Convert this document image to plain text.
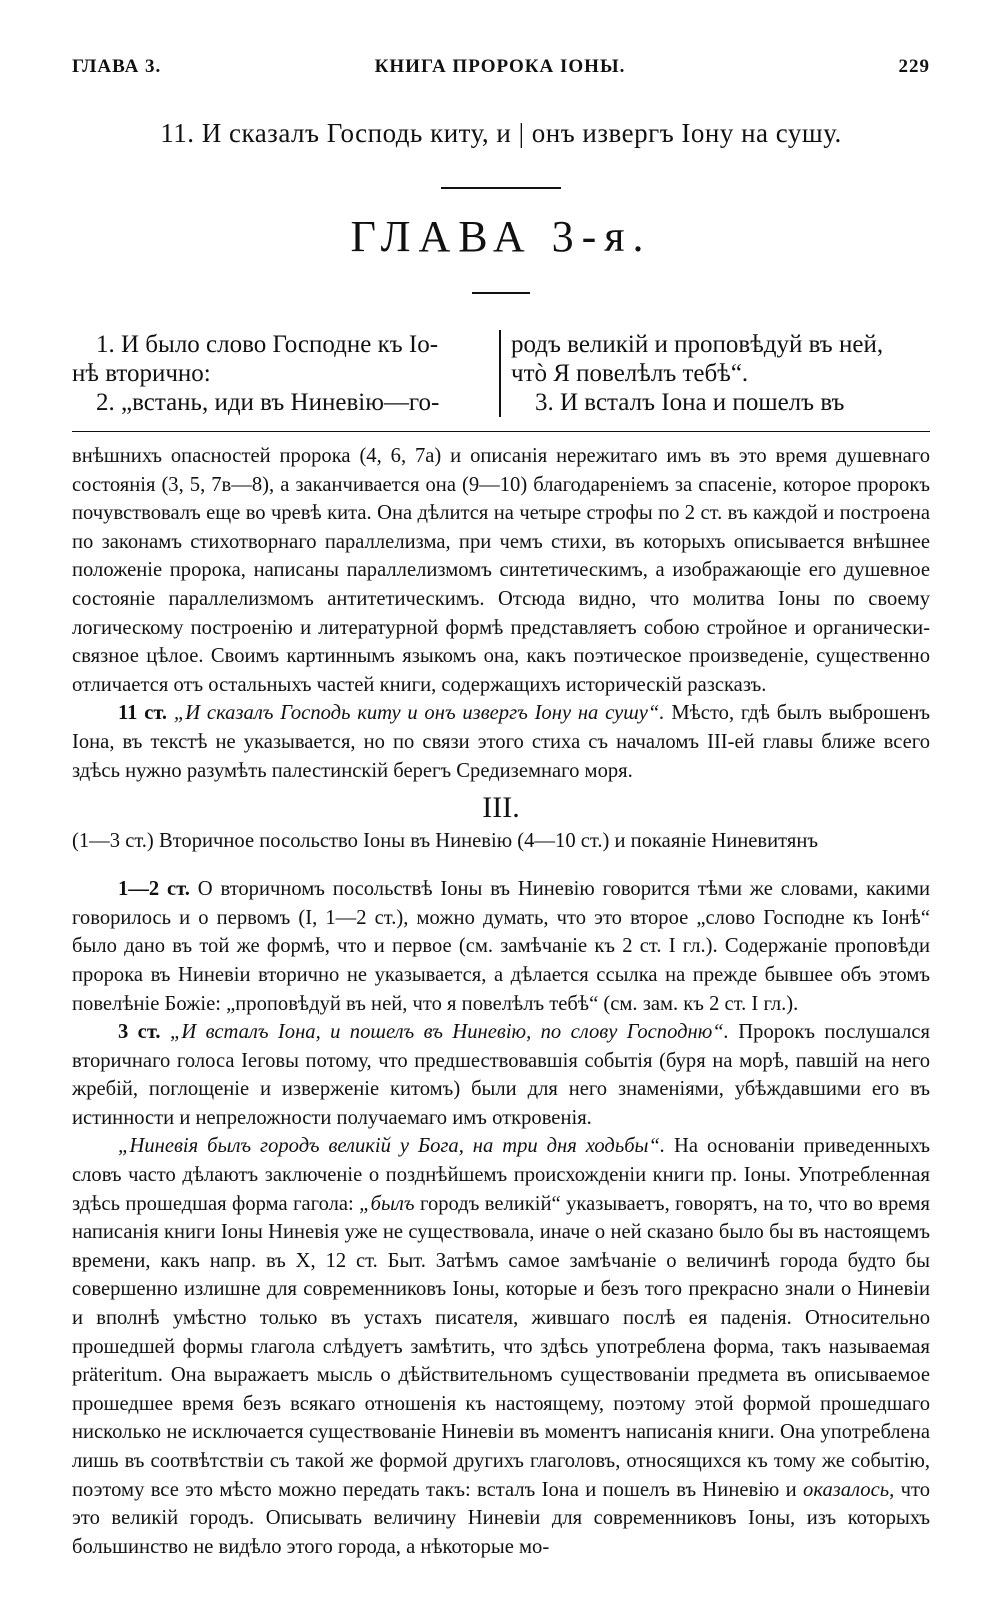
ГЛАВА 3.	КНИГА ПРОРОКА ІОНЫ.	229
11. И сказалъ Господь киту, и | онъ извергъ Іону на сушу.
ГЛАВА 3-я.
1. И было слово Господне къ Іо-
нѣ вторично:
2. „встань, иди въ Ниневію—го-
родъ великій и проповѣдуй въ ней,
чтò Я повелѣлъ тебѣ“.
3. И всталъ Іона и пошелъ въ

внѣшнихъ опасностей пророка (4, 6, 7а) и описанія нережитаго имъ въ это время душевнаго состоянія (3, 5, 7в—8), а заканчивается она (9—10) благодареніемъ за спасеніе, которое пророкъ почувствовалъ еще во чревѣ кита. Она дѣлится на четыре строфы по 2 ст. въ каждой и построена по законамъ стихотворнаго параллелизма, при чемъ стихи, въ которыхъ описывается внѣшнее положеніе пророка, написаны параллелизмомъ синтетическимъ, а изображающіе его душевное состояніе параллелизмомъ антитетическимъ. Отсюда видно, что молитва Іоны по своему логическому построенію и литературной формѣ представляетъ собою стройное и органически-связное цѣлое. Своимъ картиннымъ языкомъ она, какъ поэтическое произведеніе, существенно отличается отъ остальныхъ частей книги, содержащихъ историческій разсказъ.

11 ст. „И сказалъ Господь киту и онъ извергъ Іону на сушу“. Мѣсто, гдѣ былъ выброшенъ Іона, въ текстѣ не указывается, но по связи этого стиха съ началомъ III-ей главы ближе всего здѣсь нужно разумѣть палестинскій берегъ Средиземнаго моря.

III.
(1—3 ст.) Вторичное посольство Іоны въ Ниневію (4—10 ст.) и покаяніе Ниневитянъ

1—2 ст. О вторичномъ посольствѣ Іоны въ Ниневію говорится тѣми же словами, какими говорилось и о первомъ (I, 1—2 ст.), можно думать, что это второе „слово Господне къ Іонѣ“ было дано въ той же формѣ, что и первое (см. замѣчаніе къ 2 ст. I гл.). Содержаніе проповѣди пророка въ Ниневіи вторично не указывается, а дѣлается ссылка на прежде бывшее объ этомъ повелѣніе Божіе: „проповѣдуй въ ней, что я повелѣлъ тебѣ“ (см. зам. къ 2 ст. I гл.).

3 ст. „И всталъ Іона, и пошелъ въ Ниневію, по слову Господню“. Пророкъ послушался вторичнаго голоса Іеговы потому, что предшествовавшія событія (буря на морѣ, павшій на него жребій, поглощеніе и изверженіе китомъ) были для него знаменіями, убѣждавшими его въ истинности и непреложности получаемаго имъ откровенія.

„Ниневія былъ городъ великій у Бога, на три дня ходьбы“. На основаніи приведенныхъ словъ часто дѣлаютъ заключеніе о позднѣйшемъ происхожденіи книги пр. Іоны. Употребленная здѣсь прошедшая форма гагола: „былъ городъ великій“ указываетъ, говорятъ, на то, что во время написанія книги Іоны Ниневія уже не существовала, иначе о ней сказано было бы въ настоящемъ времени, какъ напр. въ X, 12 ст. Быт. Затѣмъ самое замѣчаніе о величинѣ города будто бы совершенно излишне для современниковъ Іоны, которые и безъ того прекрасно знали о Ниневіи и вполнѣ умѣстно только въ устахъ писателя, жившаго послѣ ея паденія. Относительно прошедшей формы глагола слѣдуетъ замѣтить, что здѣсь употреблена форма, такъ называемая präteritum. Она выражаетъ мысль о дѣйствительномъ существованіи предмета въ описываемое прошедшее время безъ всякаго отношенія къ настоящему, поэтому этой формой прошедшаго нисколько не исключается существованіе Ниневіи въ моментъ написанія книги. Она употреблена лишь въ соотвѣтствіи съ такой же формой другихъ глаголовъ, относящихся къ тому же событію, поэтому все это мѣсто можно передать такъ: всталъ Іона и пошелъ въ Ниневію и оказалось, что это великій городъ. Описывать величину Ниневіи для современниковъ Іоны, изъ которыхъ большинство не видѣло этого города, а нѣкоторые мо-
